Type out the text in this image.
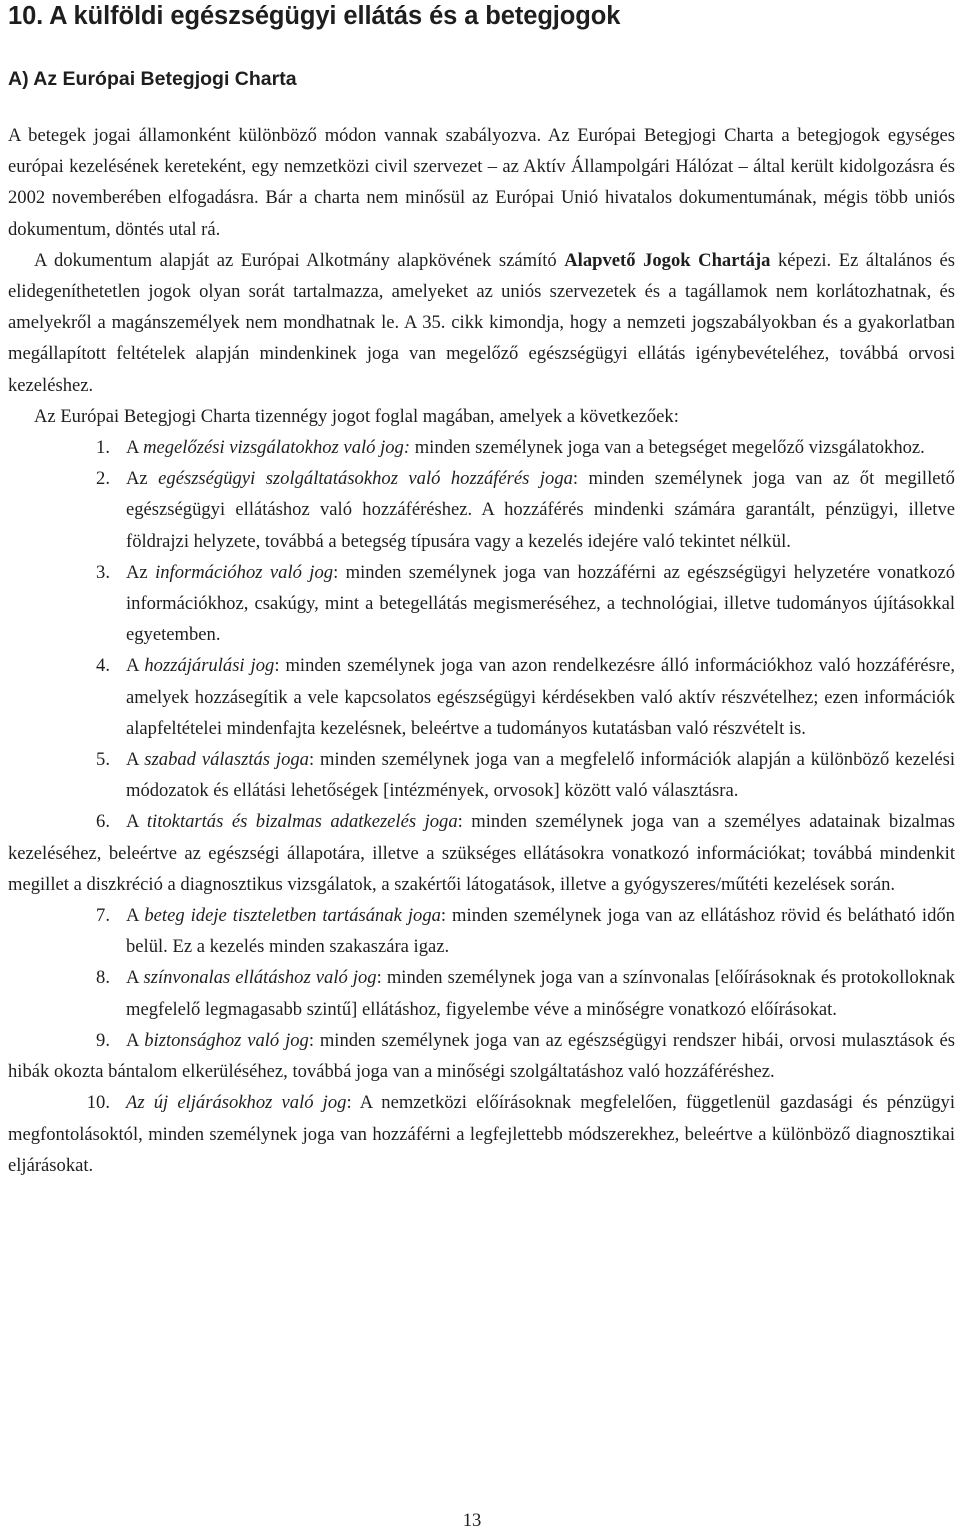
10. A külföldi egészségügyi ellátás és a betegjogok
A) Az Európai Betegjogi Charta

A betegek jogai államonként különböző módon vannak szabályozva. Az Európai Betegjogi Charta a betegjogok egységes európai kezelésének kereteként, egy nemzetközi civil szervezet – az Aktív Állampolgári Hálózat – által került kidolgozásra és 2002 novemberében elfogadásra. Bár a charta nem minősül az Európai Unió hivatalos dokumentumának, mégis több uniós dokumentum, döntés utal rá.

A dokumentum alapját az Európai Alkotmány alapkövének számító Alapvető Jogok Chartája képezi. Ez általános és elidegeníthetetlen jogok olyan sorát tartalmazza, amelyeket az uniós szervezetek és a tagállamok nem korlátozhatnak, és amelyekről a magánszemélyek nem mondhatnak le. A 35. cikk kimondja, hogy a nemzeti jogszabályokban és a gyakorlatban megállapított feltételek alapján mindenkinek joga van megelőző egészségügyi ellátás igénybevételéhez, továbbá orvosi kezeléshez.

Az Európai Betegjogi Charta tizennégy jogot foglal magában, amelyek a következőek:

1. A megelőzési vizsgálatokhoz való jog: minden személynek joga van a betegséget megelőző vizsgálatokhoz.
2. Az egészségügyi szolgáltatásokhoz való hozzáférés joga: minden személynek joga van az őt megillető egészségügyi ellátáshoz való hozzáféréshez. A hozzáférés mindenki számára garantált, pénzügyi, illetve földrajzi helyzete, továbbá a betegség típusára vagy a kezelés idejére való tekintet nélkül.
3. Az információhoz való jog: minden személynek joga van hozzáférni az egészségügyi helyzetére vonatkozó információkhoz, csakúgy, mint a betegellátás megismeréséhez, a technológiai, illetve tudományos újításokkal egyetemben.
4. A hozzájárulási jog: minden személynek joga van azon rendelkezésre álló információkhoz való hozzáférésre, amelyek hozzásegítik a vele kapcsolatos egészségügyi kérdésekben való aktív részvételhez; ezen információk alapfeltételei mindenfajta kezelésnek, beleértve a tudományos kutatásban való részvételt is.
5. A szabad választás joga: minden személynek joga van a megfelelő információk alapján a különböző kezelési módozatok és ellátási lehetőségek [intézmények, orvosok] között való választásra.
6. A titoktartás és bizalmas adatkezelés joga: minden személynek joga van a személyes adatainak bizalmas kezeléséhez, beleértve az egészségi állapotára, illetve a szükséges ellátásokra vonatkozó információkat; továbbá mindenkit megillet a diszkréció a diagnosztikus vizsgálatok, a szakértői látogatások, illetve a gyógyszeres/műtéti kezelések során.
7. A beteg ideje tiszteletben tartásának joga: minden személynek joga van az ellátáshoz rövid és belátható időn belül. Ez a kezelés minden szakaszára igaz.
8. A színvonalas ellátáshoz való jog: minden személynek joga van a színvonalas [előírásoknak és protokolloknak megfelelő legmagasabb szintű] ellátáshoz, figyelembe véve a minőségre vonatkozó előírásokat.
9. A biztonsághoz való jog: minden személynek joga van az egészségügyi rendszer hibái, orvosi mulasztások és hibák okozta bántalom elkerüléséhez, továbbá joga van a minőségi szolgáltatáshoz való hozzáféréshez.
10. Az új eljárásokhoz való jog: A nemzetközi előírásoknak megfelelően, függetlenül gazdasági és pénzügyi megfontolásoktól, minden személynek joga van hozzáférni a legfejlettebb módszerekhez, beleértve a különböző diagnosztikai eljárásokat.
13
